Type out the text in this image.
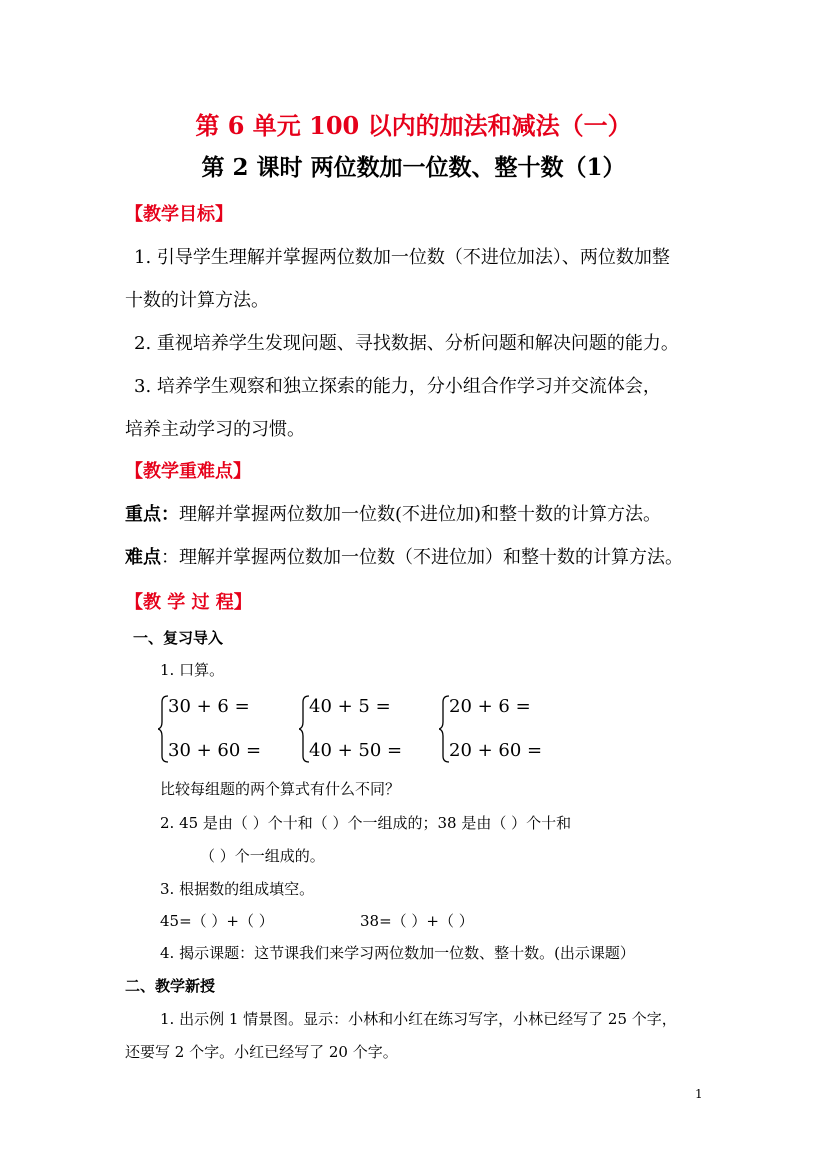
第 6 单元 100 以内的加法和减法（一）
第 2 课时 两位数加一位数、整十数（1）
【教学目标】
1. 引导学生理解并掌握两位数加一位数（不进位加法）、两位数加整
十数的计算方法。
2. 重视培养学生发现问题、寻找数据、分析问题和解决问题的能力。
3. 培养学生观察和独立探索的能力，分小组合作学习并交流体会，
培养主动学习的习惯。
【教学重难点】
重点：理解并掌握两位数加一位数(不进位加)和整十数的计算方法。
难点：理解并掌握两位数加一位数（不进位加）和整十数的计算方法。
【教 学 过 程】
一、复习导入
1. 口算。
30 + 6 =
30 + 60 =
40 + 5 =
40 + 50 =
20 + 6 =
20 + 60 =
比较每组题的两个算式有什么不同？
2. 45 是由（ ）个十和（ ）个一组成的；38 是由（ ）个十和
（ ）个一组成的。
3. 根据数的组成填空。
45=（ ）+（ ）	38=（ ）+（ ）
4. 揭示课题：这节课我们来学习两位数加一位数、整十数。(出示课题）
二、教学新授
1. 出示例 1 情景图。显示：小林和小红在练习写字，小林已经写了 25 个字，
还要写 2 个字。小红已经写了 20 个字。
1
